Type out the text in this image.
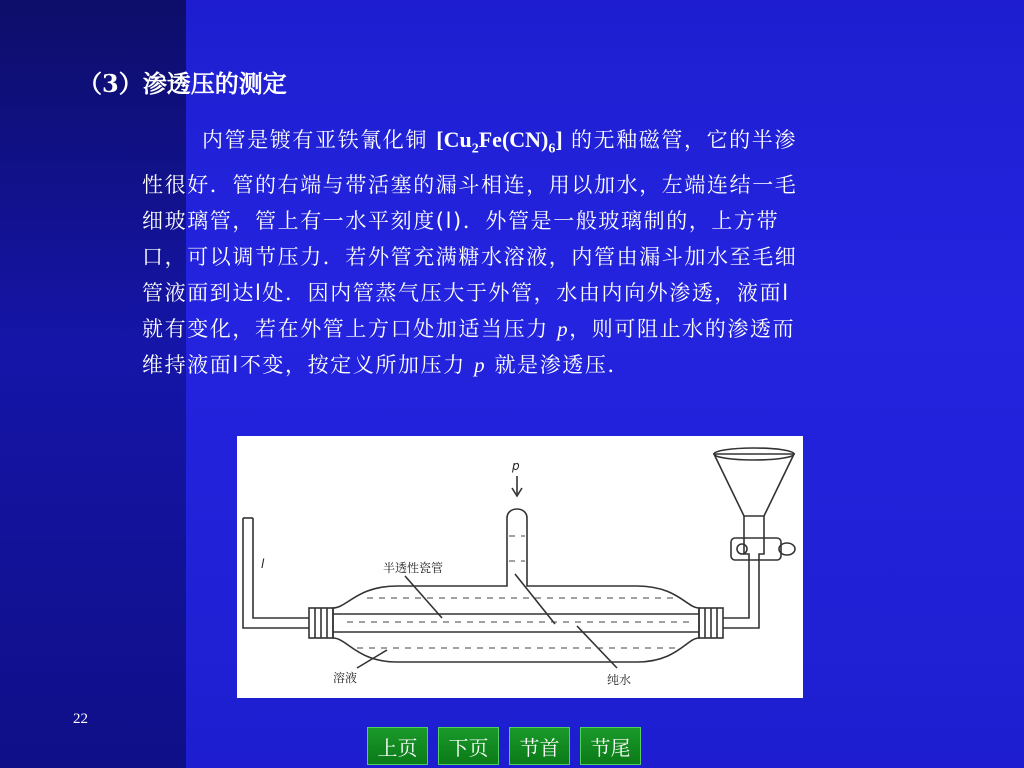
（3）渗透压的测定
内管是镀有亚铁氰化铜 $[Cu_2Fe(CN)_6]$ 的无釉磁管，它的半渗
性很好．管的右端与带活塞的漏斗相连，用以加水，左端连结一毛
细玻璃管，管上有一水平刻度(l)．外管是一般玻璃制的，上方带
口，可以调节压力．若外管充满糖水溶液，内管由漏斗加水至毛细
管液面到达l处．因内管蒸气压大于外管，水由内向外渗透，液面l
就有变化，若在外管上方口处加适当压力 p，则可阻止水的渗透而
维持液面l不变，按定义所加压力 p 就是渗透压．
p
l	半透性瓷管
溶液	纯水
22
上页	下页	节首	节尾
